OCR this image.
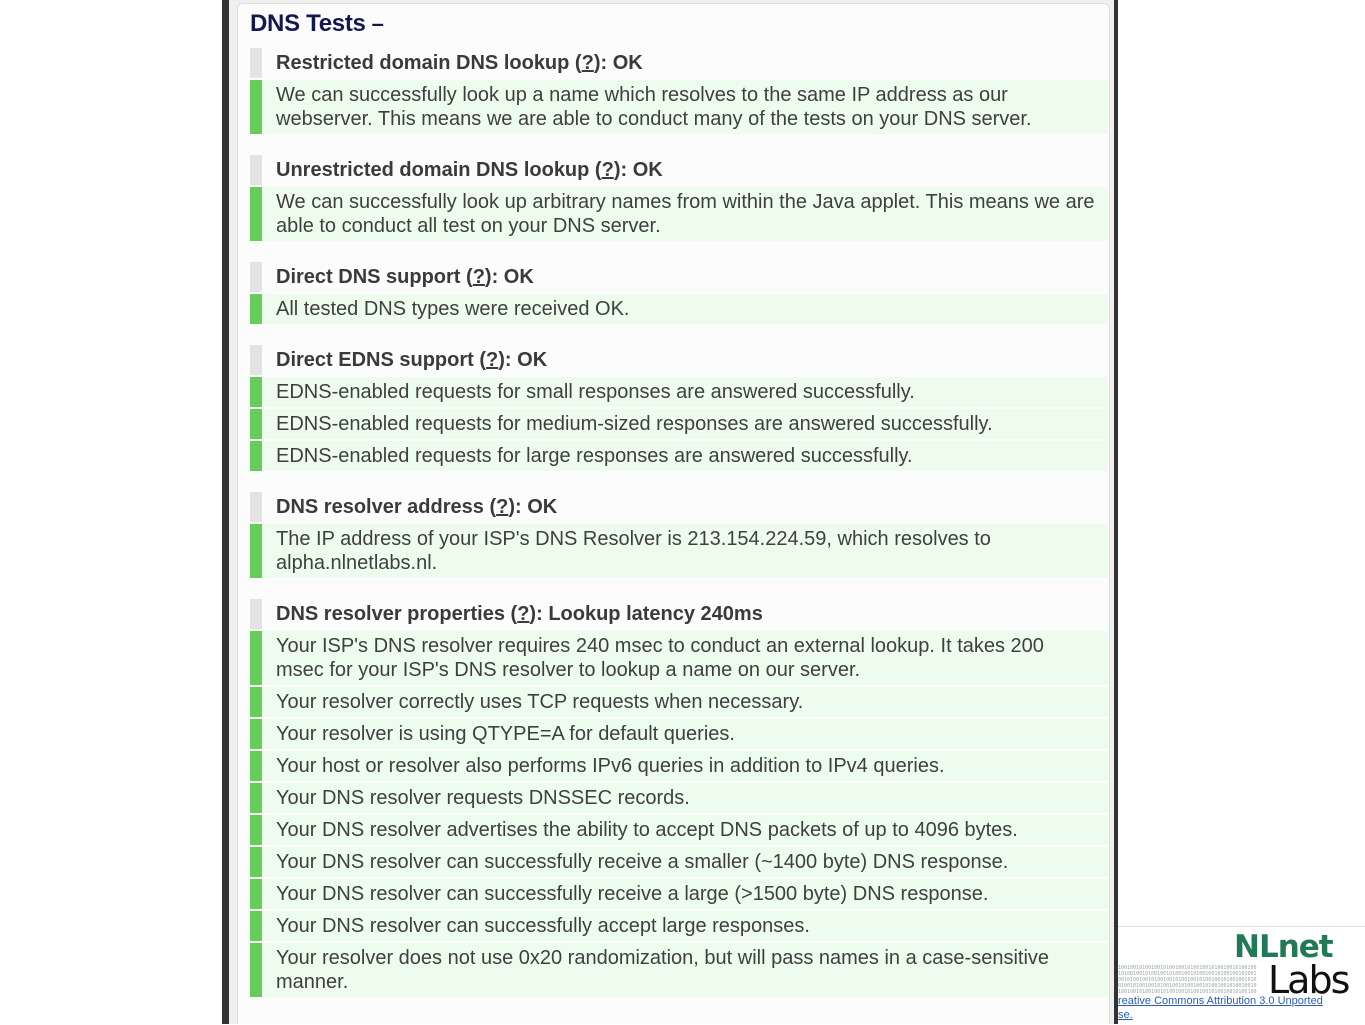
DNS Tests –
Restricted domain DNS lookup (?): OK
We can successfully look up a name which resolves to the same IP address as our webserver. This means we are able to conduct many of the tests on your DNS server.
Unrestricted domain DNS lookup (?): OK
We can successfully look up arbitrary names from within the Java applet. This means we are able to conduct all test on your DNS server.
Direct DNS support (?): OK
All tested DNS types were received OK.
Direct EDNS support (?): OK
EDNS-enabled requests for small responses are answered successfully.
EDNS-enabled requests for medium-sized responses are answered successfully.
EDNS-enabled requests for large responses are answered successfully.
DNS resolver address (?): OK
The IP address of your ISP's DNS Resolver is 213.154.224.59, which resolves to alpha.nlnetlabs.nl.
DNS resolver properties (?): Lookup latency 240ms
Your ISP's DNS resolver requires 240 msec to conduct an external lookup. It takes 200 msec for your ISP's DNS resolver to lookup a name on our server.
Your resolver correctly uses TCP requests when necessary.
Your resolver is using QTYPE=A for default queries.
Your host or resolver also performs IPv6 queries in addition to IPv4 queries.
Your DNS resolver requests DNSSEC records.
Your DNS resolver advertises the ability to accept DNS packets of up to 4096 bytes.
Your DNS resolver can successfully receive a smaller (~1400 byte) DNS response.
Your DNS resolver can successfully receive a large (>1500 byte) DNS response.
Your DNS resolver can successfully accept large responses.
Your resolver does not use 0x20 randomization, but will pass names in a case-sensitive manner.
10010010100100101001001010010010100100101001001010010010100100101001001010010010100100101001001010010010100100101001001010010010100100101001001010010010100100101001001010010010100100101001001010010010100100101001001010010010100100
NLnet
Labs
reative Commons Attribution 3.0 Unported
se.
